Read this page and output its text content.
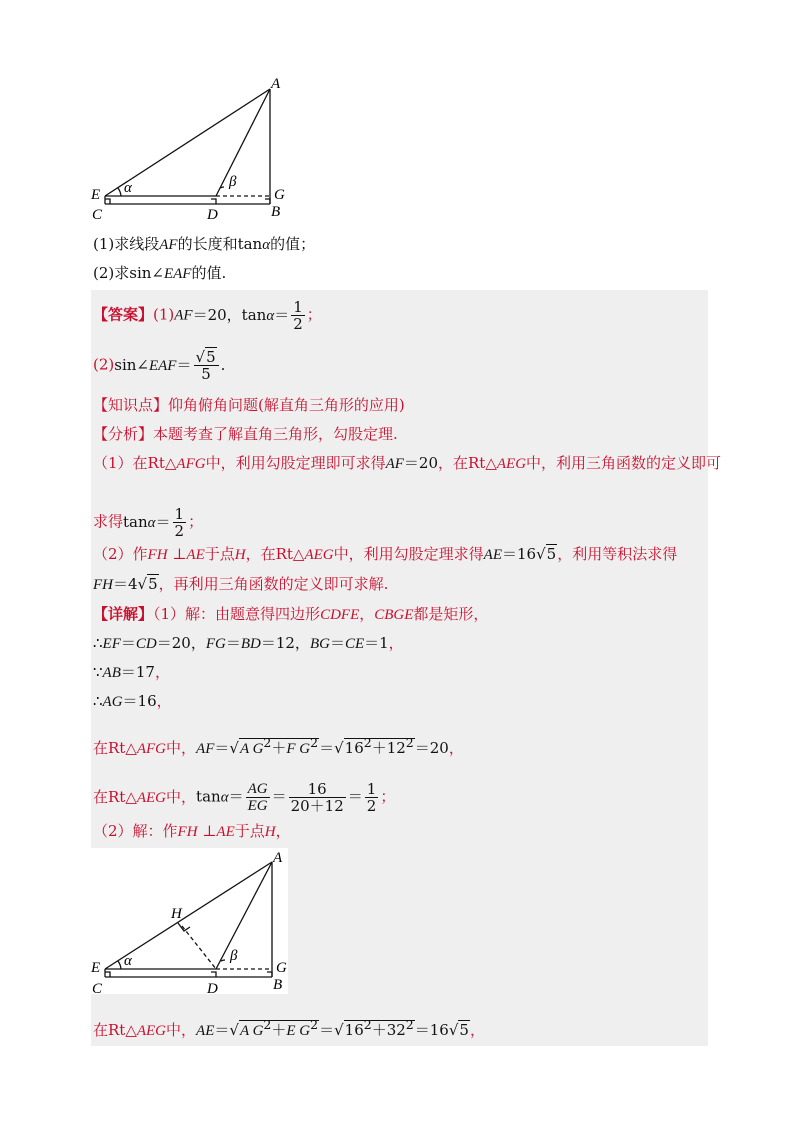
A
E	G
C	D	B
α	β
(1)求线段AF的长度和tanα的值；
(2)求sin∠EAF的值.
【答案】(1)AF＝20，$\tan\alpha= \frac{1}{2}$ ；
(2)sin∠EAF＝ $\frac{√5}{5}$ .
【知识点】仰角俯角问题(解直角三角形的应用)
【分析】本题考查了解直角三角形，勾股定理.
（1）在Rt△AFG中，利用勾股定理即可求得AF＝20，在Rt△AEG中，利用三角函数的定义即可
求得$\tan\alpha= \frac{1}{2}$ ；
（2）作FH ⊥AE于点H，在Rt△AEG中，利用勾股定理求得AE＝16√5，利用等积法求得
FH＝4√5，再利用三角函数的定义即可求解.
【详解】（1）解：由题意得四边形CDFE，CBGE都是矩形，
∴EF＝CD＝20，FG＝BD＝12，BG＝CE＝1，
∵AB＝17，
∴AG＝16，
在Rt△AFG中，AF＝√A $G^2+F$ $G^2=√16^2+12^2=20$，
在Rt△AEG中，$\tan\alpha= \frac{AG}{EG} = \frac{16}{20+12} = \frac{1}{2}$ ；
（2）解：作FH ⊥AE于点H，
A
H
E	G
C	D	B
α	β
在Rt△AEG中，AE＝√A $G^2+E$ $G^2=√16^2+32^2=16√5$，
